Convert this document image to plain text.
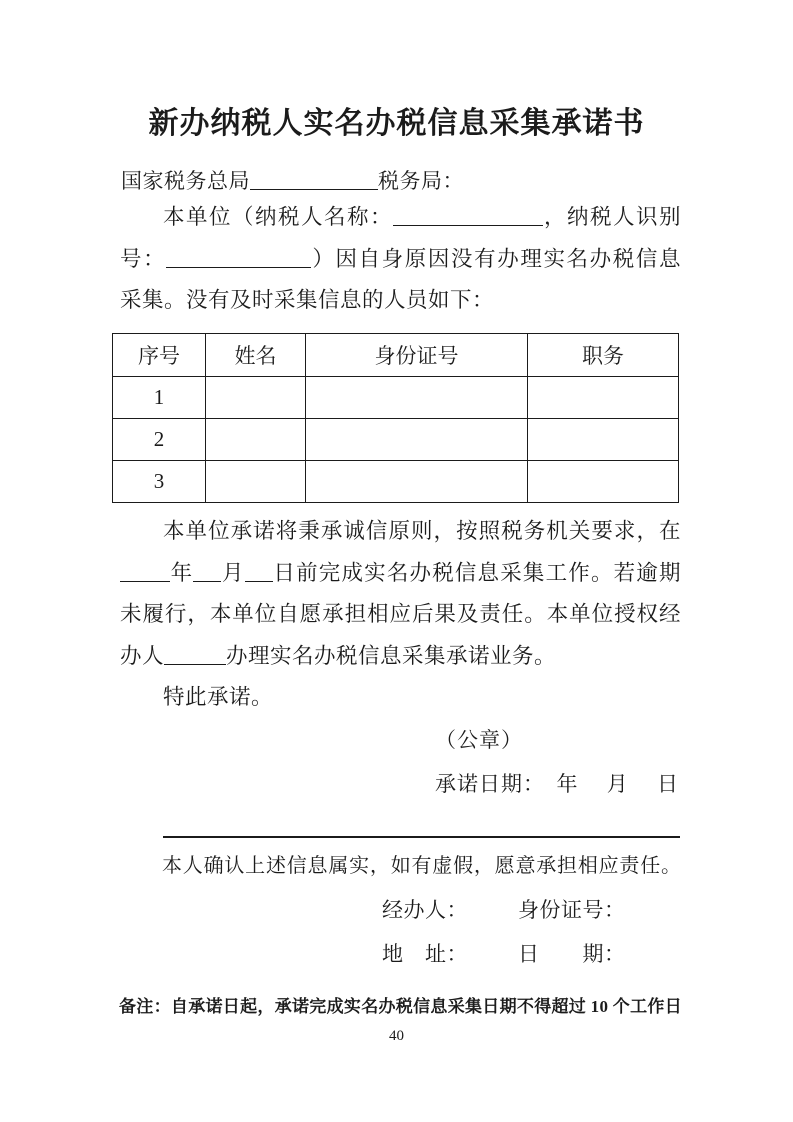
新办纳税人实名办税信息采集承诺书
国家税务总局	税务局：

本单位（纳税人名称：	，纳税人识别号：	）因自身原因没有办理实名办税信息采集。没有及时采集信息的人员如下：

序号	姓名	身份证号	职务
1			
2			
3			

本单位承诺将秉承诚信原则，按照税务机关要求，在年 月 日前完成实名办税信息采集工作。若逾期未履行，本单位自愿承担相应后果及责任。本单位授权经办人	办理实名办税信息采集承诺业务。

特此承诺。

（公章）
承诺日期：　年　 月　 日

本人确认上述信息属实，如有虚假，愿意承担相应责任。

经办人： 身份证号：
地　址： 日　　期：

备注：自承诺日起，承诺完成实名办税信息采集日期不得超过 10 个工作日

40
